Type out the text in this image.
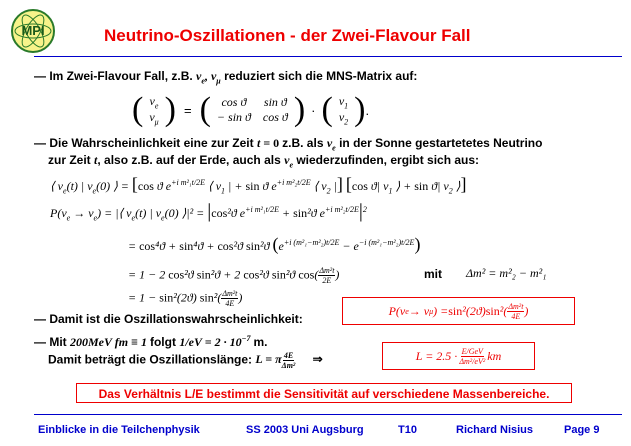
MPI	Neutrino-Oszillationen - der Zwei-Flavour Fall
— Im Zwei-Flavour Fall, z.B. $\nu_e$, $\nu_\mu$ reduziert sich die MNS-Matrix auf:
( $\nu_e$
$\nu_\mu$ ) = ( cos ϑ	sin ϑ
− sin ϑ	cos ϑ ) · ( $\nu_1$
$\nu_2$ ) .
— Die Wahrscheinlichkeit eine zur Zeit t = 0 z.B. als $\nu_e$ in der Sonne gestartetetes Neutrino
zur Zeit t, also z.B. auf der Erde, auch als $\nu_e$ wiederzufinden, ergibt sich aus:
⟨ $\nu_e(t)$ | $\nu_e(0)$ ⟩ = [cos ϑ $e^{+i m^2_1t/2E}$ ⟨ $\nu_1$ | + sin ϑ $e^{+i m^2_2t/2E}$ ⟨ $\nu_2$ |] [cos ϑ| $\nu_1$ ⟩ + sin ϑ| $\nu_2$ ⟩]
$P(\nu_e \to \nu_e)$ = |⟨ $\nu_e(t)$ | $\nu_e(0)$ ⟩|² = |cos²ϑ $e^{+i m^2_1t/2E} + \sin^2ϑ$ $e^{+i m^2_2t/2E}|^2$
= cos⁴ϑ + sin⁴ϑ + cos²ϑ sin²ϑ $(e^{+i (m^2_1-m^2_2)t/2E} - e^{-i (m^2_1-m^2_2)t/2E})$
= 1 − 2 cos²ϑ sin²ϑ + 2 cos²ϑ sin²ϑ $\cos( \frac{\text{Δm²t}}{2E}$ )	mit Δm² = m²₂ − m²₁
= 1 − sin²(2ϑ) $\sin^2( \frac{\text{Δm²t}}{4E}$ )
— Damit ist die Oszillationswahrscheinlichkeit:
P(ν e → ν μ ) = sin ²(2ϑ) $\sin ^2( \frac{\text{Δm²t}}{4E}$ )
— Mit 200MeV fm ≡ 1 folgt $1/eV = 2 \cdot 10^{-7}$ m.
Damit beträgt die Oszillationslänge: L = π $\frac{4E}{\text{Δm²}}$ ⇒	$L = 2.5 \cdot \frac{\text{E/GeV}}{\text{Δm²/eV²}}$ km
Das Verhältnis L/E bestimmt die Sensitivität auf verschiedene Massenbereiche.
Einblicke in die Teilchenphysik	SS 2003 Uni Augsburg	T10	Richard Nisius	Page 9
